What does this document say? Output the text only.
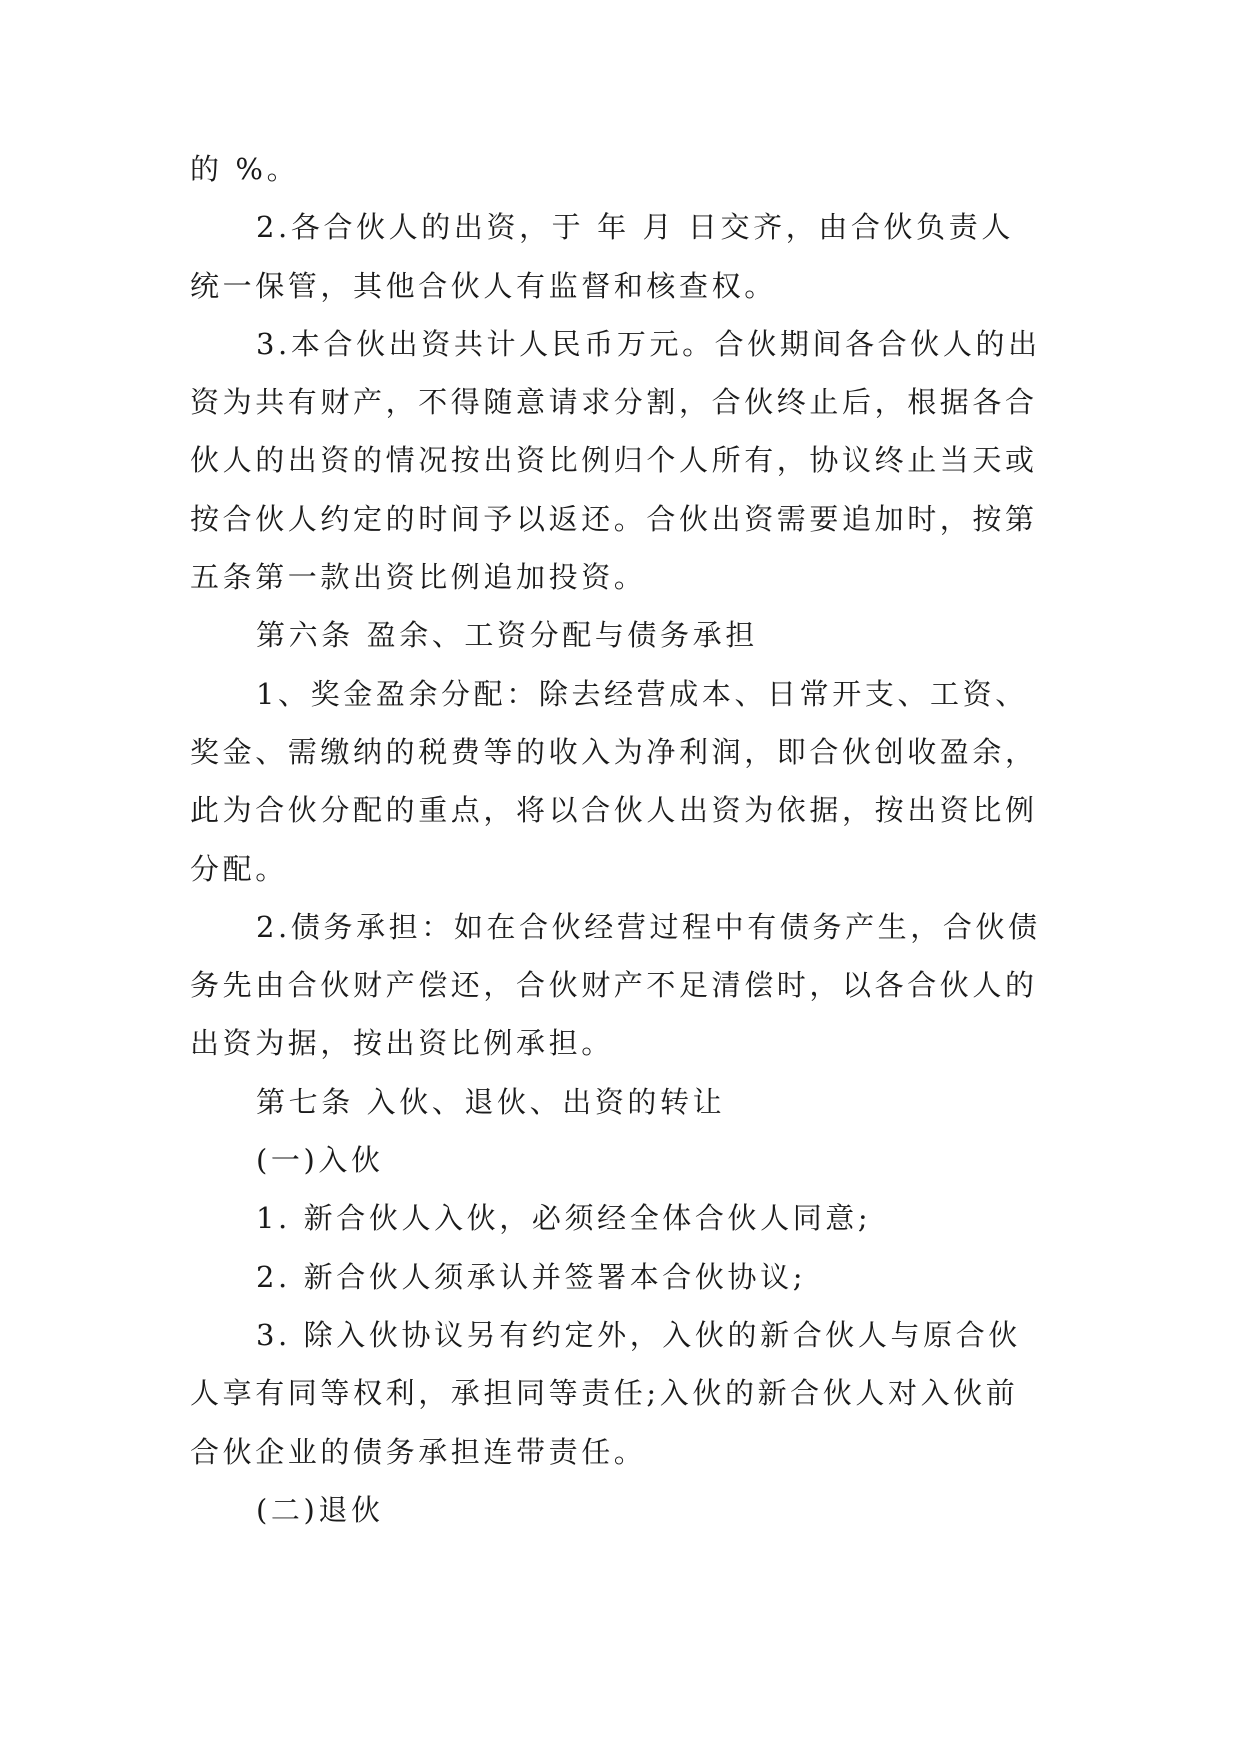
的 %。
2.各合伙人的出资，于 年 月 日交齐，由合伙负责人
统一保管，其他合伙人有监督和核查权。
3.本合伙出资共计人民币万元。合伙期间各合伙人的出
资为共有财产，不得随意请求分割，合伙终止后，根据各合
伙人的出资的情况按出资比例归个人所有，协议终止当天或
按合伙人约定的时间予以返还。合伙出资需要追加时，按第
五条第一款出资比例追加投资。
第六条 盈余、工资分配与债务承担
1、奖金盈余分配：除去经营成本、日常开支、工资、
奖金、需缴纳的税费等的收入为净利润，即合伙创收盈余，
此为合伙分配的重点，将以合伙人出资为依据，按出资比例
分配。
2.债务承担：如在合伙经营过程中有债务产生，合伙债
务先由合伙财产偿还，合伙财产不足清偿时，以各合伙人的
出资为据，按出资比例承担。
第七条 入伙、退伙、出资的转让
(一)入伙
1. 新合伙人入伙，必须经全体合伙人同意;
2. 新合伙人须承认并签署本合伙协议;
3. 除入伙协议另有约定外，入伙的新合伙人与原合伙
人享有同等权利，承担同等责任;入伙的新合伙人对入伙前
合伙企业的债务承担连带责任。
(二)退伙
